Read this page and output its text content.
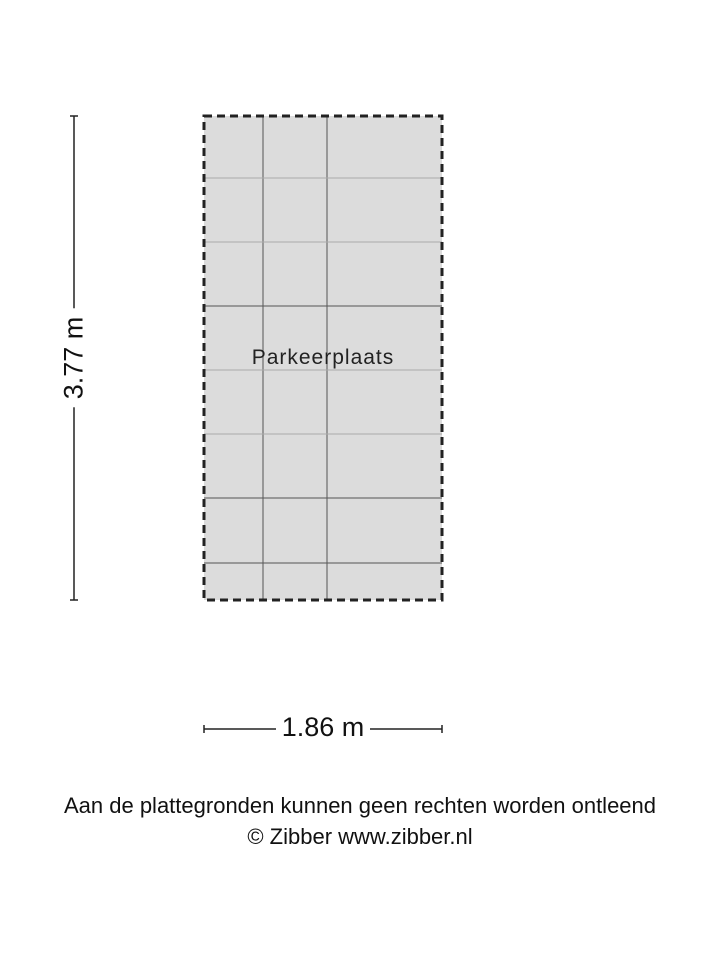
Parkeerplaats
1.86 m
3.77 m
Aan de plattegronden kunnen geen rechten worden ontleend
© Zibber www.zibber.nl
